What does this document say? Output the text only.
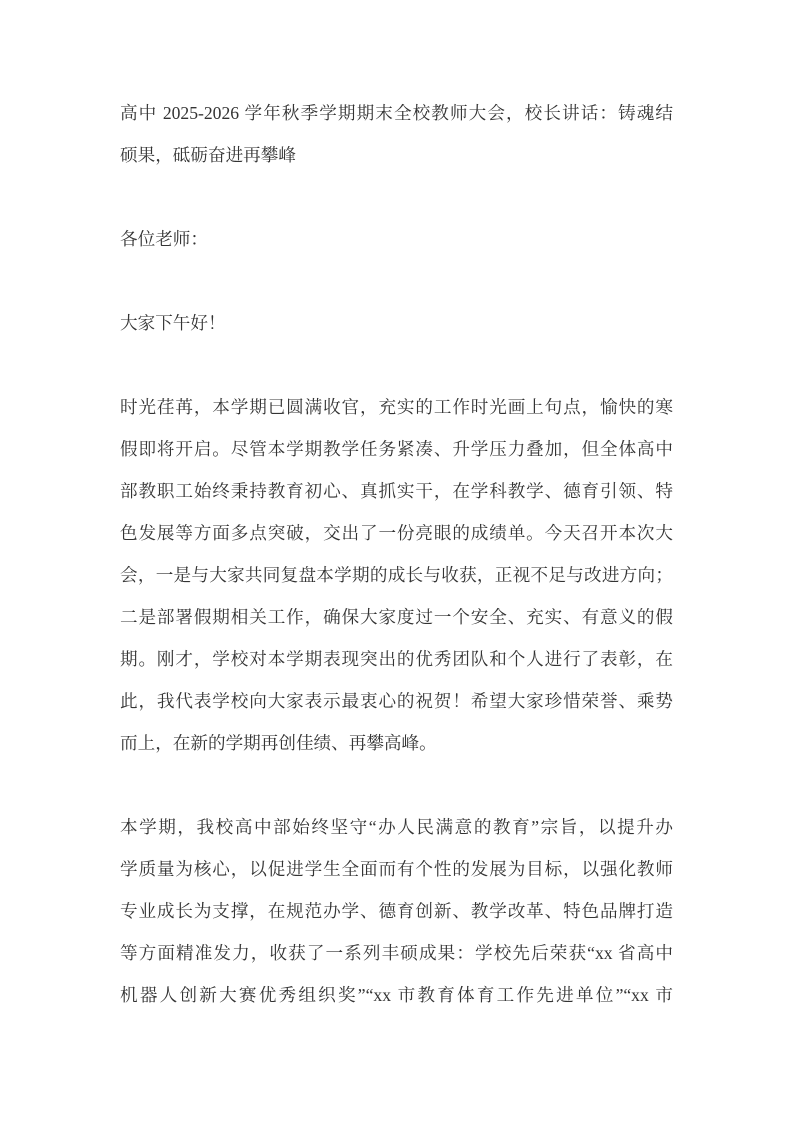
高中 2025-2026 学年秋季学期期末全校教师大会，校长讲话：铸魂结
硕果，砥砺奋进再攀峰
各位老师：
大家下午好！
时光荏苒，本学期已圆满收官，充实的工作时光画上句点，愉快的寒
假即将开启。尽管本学期教学任务紧凑、升学压力叠加，但全体高中
部教职工始终秉持教育初心、真抓实干，在学科教学、德育引领、特
色发展等方面多点突破，交出了一份亮眼的成绩单。今天召开本次大
会，一是与大家共同复盘本学期的成长与收获，正视不足与改进方向；
二是部署假期相关工作，确保大家度过一个安全、充实、有意义的假
期。刚才，学校对本学期表现突出的优秀团队和个人进行了表彰，在
此，我代表学校向大家表示最衷心的祝贺！希望大家珍惜荣誉、乘势
而上，在新的学期再创佳绩、再攀高峰。
本学期，我校高中部始终坚守“办人民满意的教育”宗旨，以提升办
学质量为核心，以促进学生全面而有个性的发展为目标，以强化教师
专业成长为支撑，在规范办学、德育创新、教学改革、特色品牌打造
等方面精准发力，收获了一系列丰硕成果：学校先后荣获“xx 省高中
机器人创新大赛优秀组织奖”“xx 市教育体育工作先进单位”“xx 市
